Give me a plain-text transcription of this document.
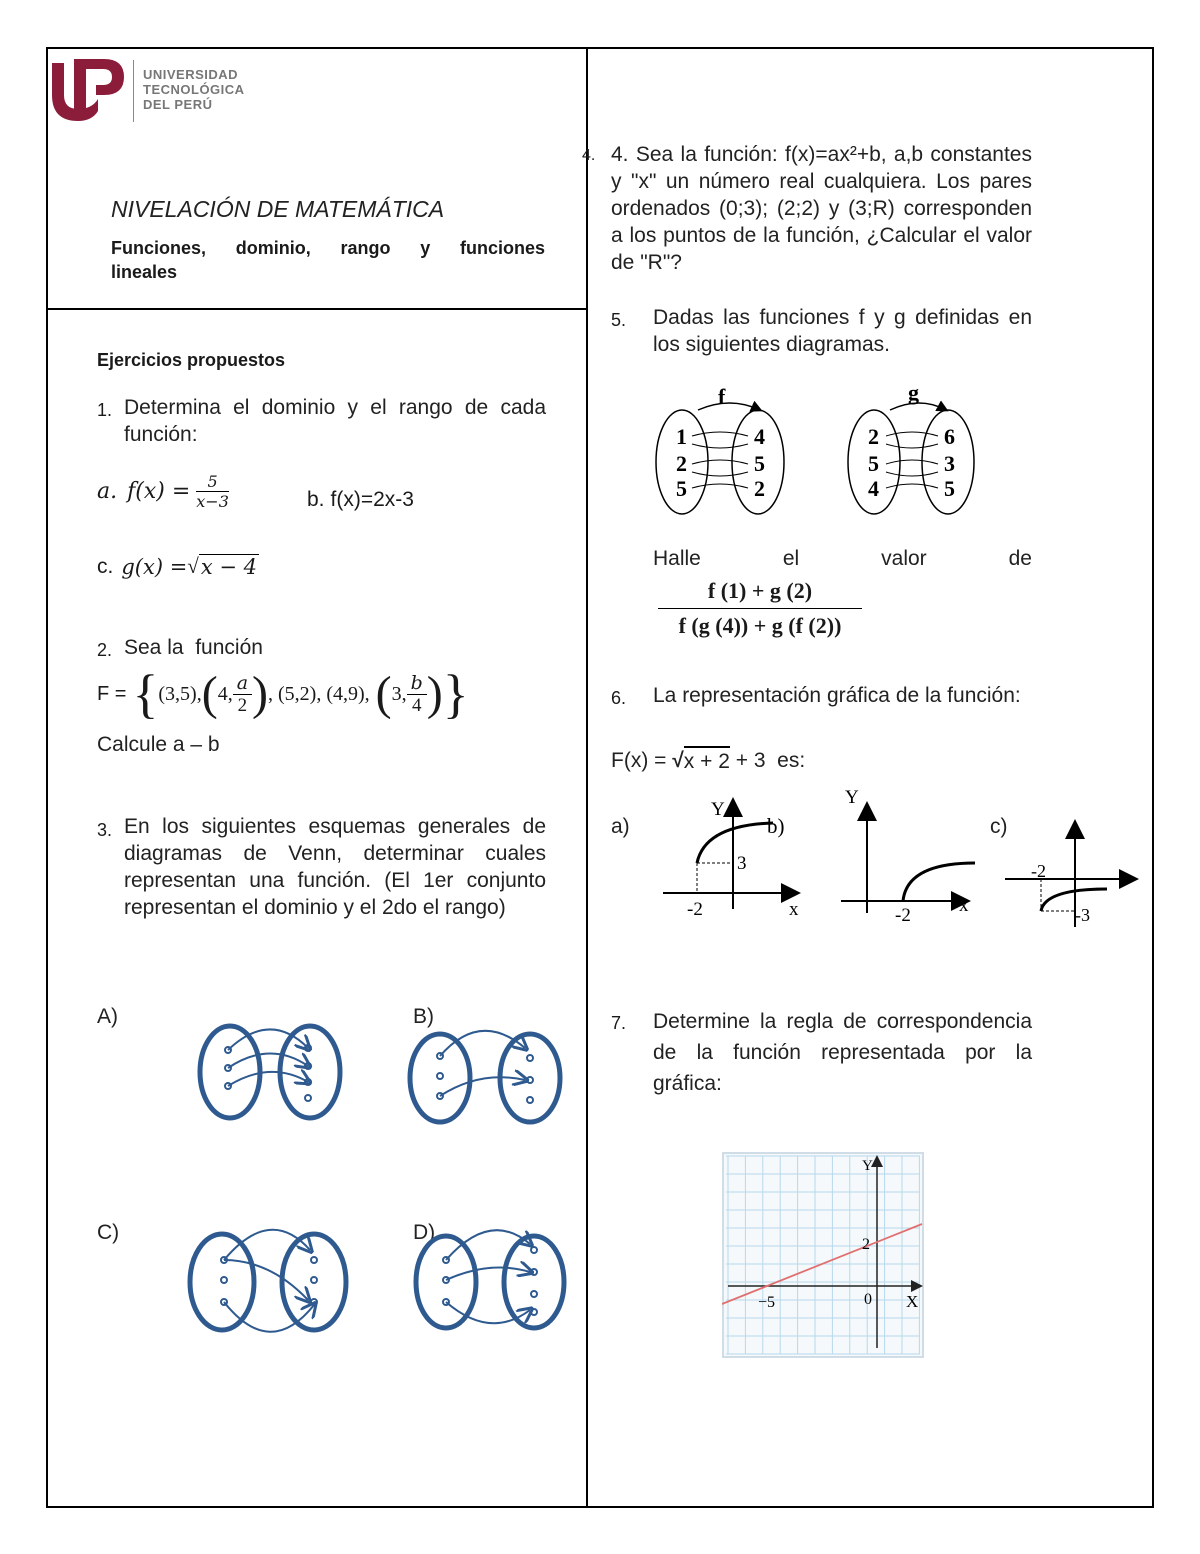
UNIVERSIDAD
TECNOLÓGICA
DEL PERÚ
NIVELACIÓN DE MATEMÁTICA
Funciones, dominio, rango y funciones
lineales
Ejercicios propuestos
1. Determina el dominio y el rango de cada función:
a. $f(x) = \frac{5}{x-3}$	b. f(x)=2x-3
c. g(x) = √ x − 4
2. Sea la  función
F = { (3,5), ( 4, $\frac{a}{2}$ ) , (5,2), (4,9), ( 3, $\frac{b}{4}$ ) }
Calcule a – b
3. En los siguientes esquemas generales de diagramas de Venn, determinar cuales representan una función. (El 1er conjunto representan el dominio y el 2do el rango)
A)	B)
C)	D)
4. 4. Sea la función: f(x)=ax²+b, a,b constantes y "x" un número real cualquiera. Los pares ordenados (0;3); (2;2) y (3;R) corresponden a los puntos de la función, ¿Calcular el valor de "R"?
5. Dadas las funciones f y g definidas en los siguientes diagramas.
f
1
2
5
4
5
2
g
2
5
4
6
3
5
Halle el valor de
f (1) + g (2)
f (g (4)) + g (f (2))
6. La representación gráfica de la función:
F(x) = √ x + 2 + 3  es:
a)	c)
Y
x
-2
3
b)
Y
x
-2
-2
-3
7. Determine la regla de correspondencia de la función representada por la gráfica:
Y
X
−5	0
2
